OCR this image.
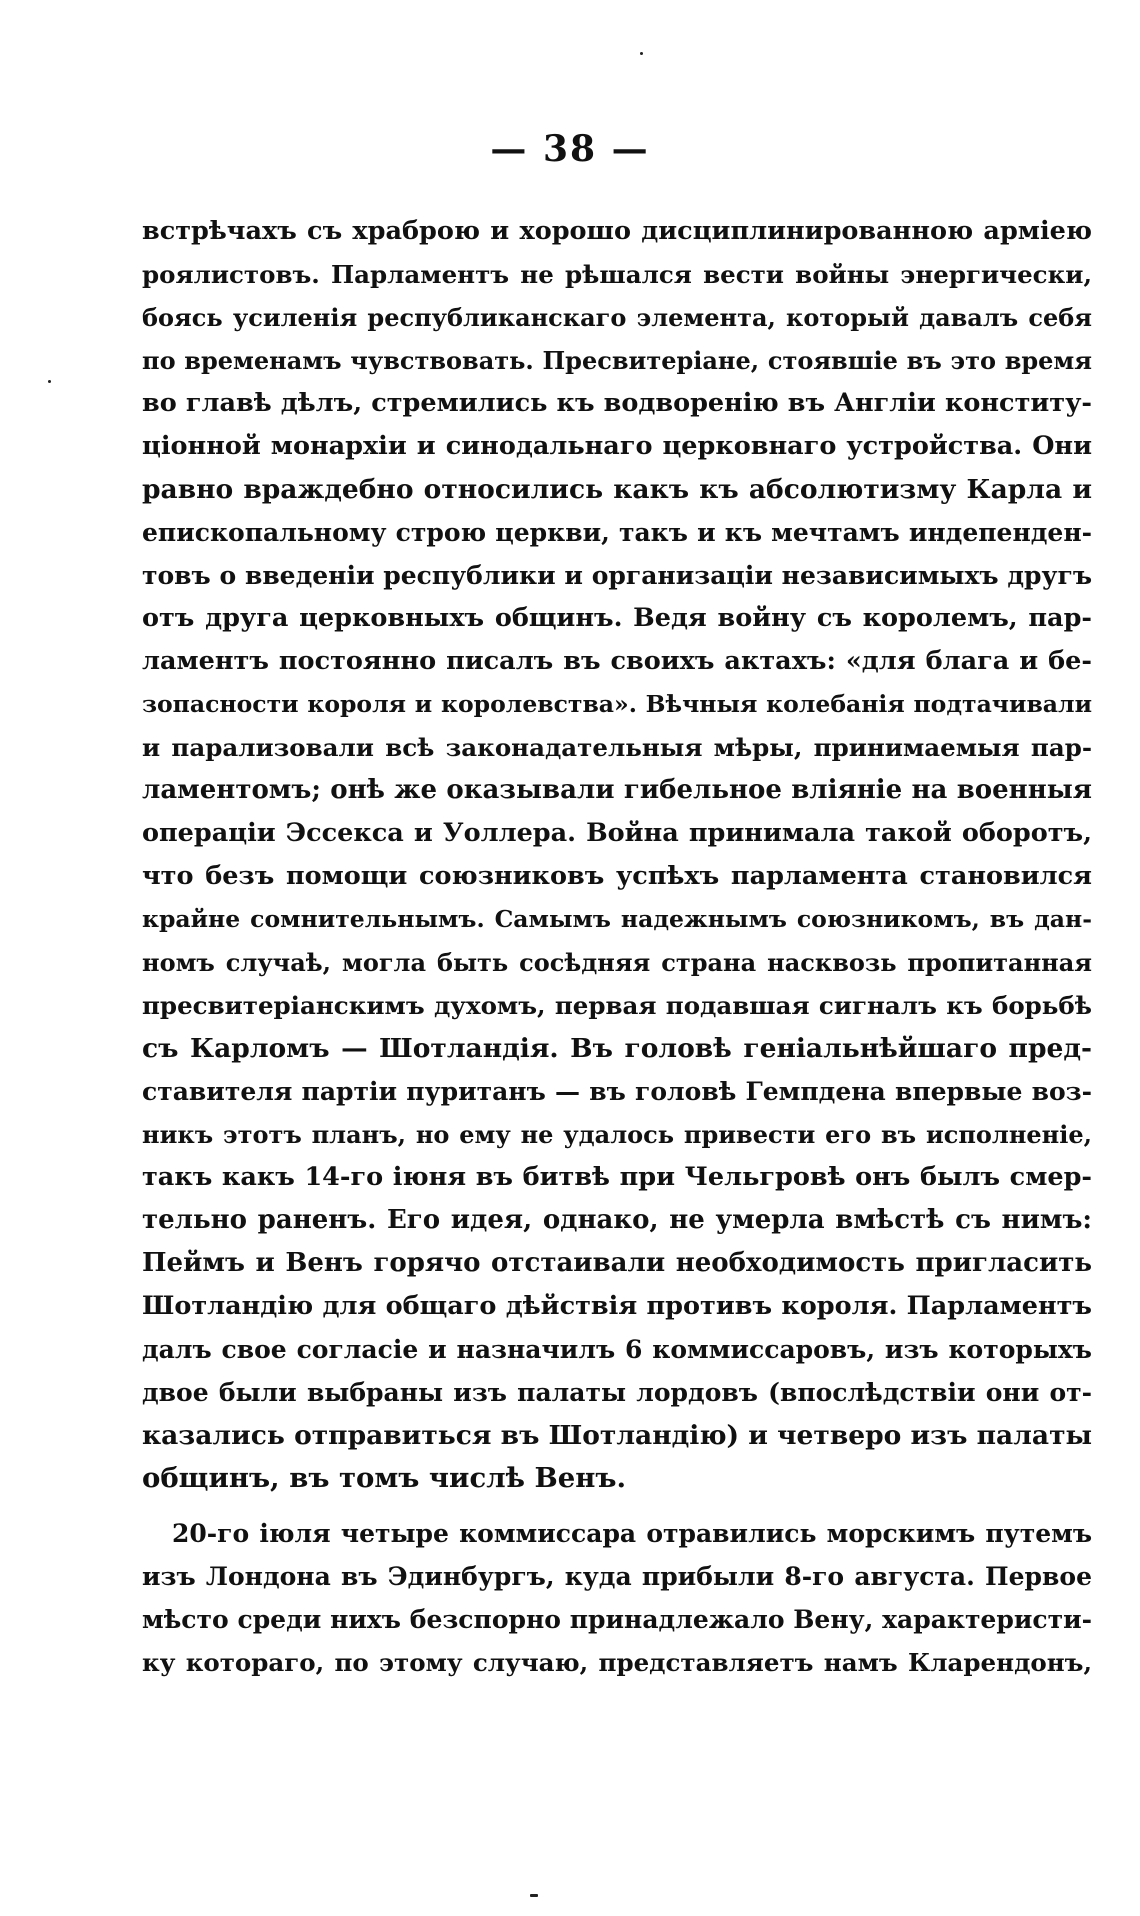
— 38 —
встрѣчахъ съ храброю и хорошо дисциплинированною арміею
роялистовъ. Парламентъ не рѣшался вести войны энергически,
боясь усиленія республиканскаго элемента, который давалъ себя
по временамъ чувствовать. Пресвитеріане, стоявшіе въ это время
во главѣ дѣлъ, стремились къ водворенію въ Англіи конститу-
ціонной монархіи и синодальнаго церковнаго устройства. Они
равно враждебно относились какъ къ абсолютизму Карла и
епископальному строю церкви, такъ и къ мечтамъ индепенден-
товъ о введеніи республики и организаціи независимыхъ другъ
отъ друга церковныхъ общинъ. Ведя войну съ королемъ, пар-
ламентъ постоянно писалъ въ своихъ актахъ: «для блага и бе-
зопасности короля и королевства». Вѣчныя колебанія подтачивали
и парализовали всѣ законадательныя мѣры, принимаемыя пар-
ламентомъ; онѣ же оказывали гибельное вліяніе на военныя
операціи Эссекса и Уоллера. Война принимала такой оборотъ,
что безъ помощи союзниковъ успѣхъ парламента становился
крайне сомнительнымъ. Самымъ надежнымъ союзникомъ, въ дан-
номъ случаѣ, могла быть сосѣдняя страна насквозь пропитанная
пресвитеріанскимъ духомъ, первая подавшая сигналъ къ борьбѣ
съ Карломъ — Шотландія. Въ головѣ геніальнѣйшаго пред-
ставителя партіи пуританъ — въ головѣ Гемпдена впервые воз-
никъ этотъ планъ, но ему не удалось привести его въ исполненіе,
такъ какъ 14-го іюня въ битвѣ при Чельгровѣ онъ былъ смер-
тельно раненъ. Его идея, однако, не умерла вмѣстѣ съ нимъ:
Пеймъ и Венъ горячо отстаивали необходимость пригласить
Шотландію для общаго дѣйствія противъ короля. Парламентъ
далъ свое согласіе и назначилъ 6 коммиссаровъ, изъ которыхъ
двое были выбраны изъ палаты лордовъ (впослѣдствіи они от-
казались отправиться въ Шотландію) и четверо изъ палаты
общинъ, въ томъ числѣ Венъ.
20-го іюля четыре коммиссара отравились морскимъ путемъ
изъ Лондона въ Эдинбургъ, куда прибыли 8-го августа. Первое
мѣсто среди нихъ безспорно принадлежало Вену, характеристи-
ку котораго, по этому случаю, представляетъ намъ Кларендонъ,
